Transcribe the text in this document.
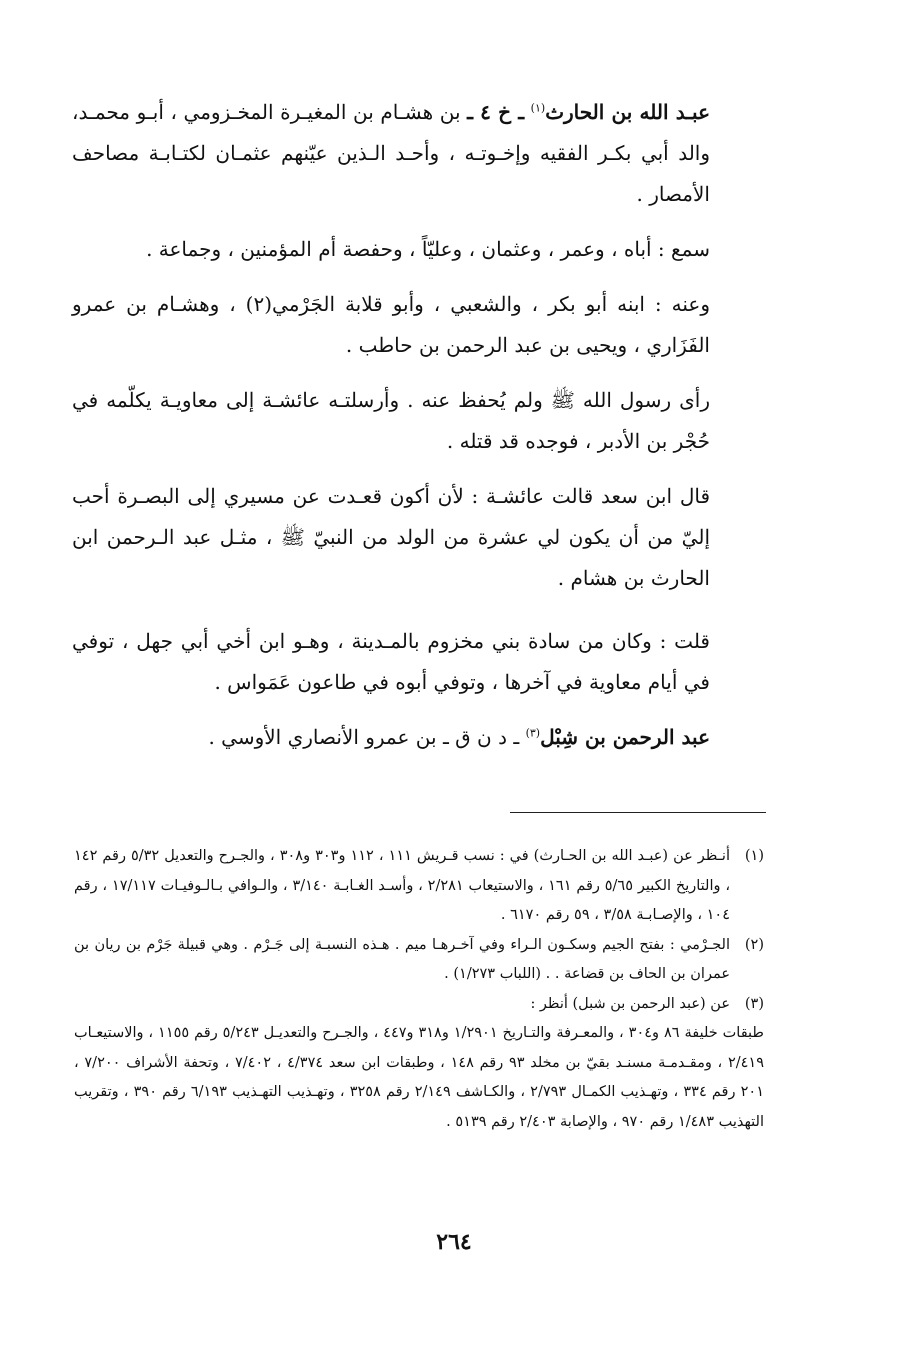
عبـد الله بن الحارث$^{(١)}$ ـ خ ٤ ـ بن هشـام بن المغيـرة المخـزومي ، أبـو محمـد، والد أبي بكـر الفقيه وإخـوتـه ، وأحـد الـذين عيّنهم عثمـان لكتـابـة مصاحف الأمصار .

سمع : أباه ، وعمر ، وعثمان ، وعليّاً ، وحفصة أم المؤمنين ، وجماعة .

وعنه : ابنه أبو بكر ، والشعبي ، وأبو قلابة الجَرْمي(٢) ، وهشـام بن عمرو الفَزَاري ، ويحيى بن عبد الرحمن بن حاطب .

رأى رسول الله ﷺ ولم يُحفظ عنه . وأرسلتـه عائشـة إلى معاويـة يكلّمه في حُجْر بن الأدبر ، فوجده قد قتله .

قال ابن سعد قالت عائشـة : لأن أكون قعـدت عن مسيري إلى البصـرة أحب إليّ من أن يكون لي عشرة من الولد من النبيّ ﷺ ، مثـل عبد الـرحمن ابن الحارث بن هشام .

قلت : وكان من سادة بني مخزوم بالمـدينة ، وهـو ابن أخي أبي جهل ، توفي في أيام معاوية في آخرها ، وتوفي أبوه في طاعون عَمَواس .

عبد الرحمن بن شِبْل$^{(٣)}$ ـ د ن ق ـ بن عمرو الأنصاري الأوسي .

(١)
أنـظر عن (عبـد الله بن الحـارث) في : نسب قـريش ١١١ ، ١١٢ و٣٠٣ و٣٠٨ ، والجـرح والتعديل ٥/٣٢ رقم ١٤٢ ، والتاريخ الكبير ٥/٦٥ رقم ١٦١ ، والاستيعاب ٢/٢٨١ ، وأسـد الغـابـة ٣/١٤٠ ، والـوافي بـالـوفيـات ١٧/١١٧ ، رقم ١٠٤ ، والإصـابـة ٣/٥٨ ، ٥٩ رقم ٦١٧٠ .
(٢)
الجـرْمي : بفتح الجيم وسكـون الـراء وفي آخـرهـا ميم . هـذه النسبـة إلى جَـرْم . وهي قبيلة جَرْم بن ريان بن عمران بن الحاف بن قضاعة . . (اللباب ١/٢٧٣) .
(٣)
عن (عبد الرحمن بن شبل) أنظر :

طبقات خليفة ٨٦ و٣٠٤ ، والمعـرفة والتـاريخ ١/٢٩٠١ و٣١٨ و٤٤٧ ، والجـرح والتعديـل ٥/٢٤٣ رقم ١١٥٥ ، والاستيعـاب ٢/٤١٩ ، ومقـدمـة مسنـد بقيّ بن مخلد ٩٣ رقم ١٤٨ ، وطبقات ابن سعد ٤/٣٧٤ ، ٧/٤٠٢ ، وتحفة الأشراف ٧/٢٠٠ ، ٢٠١ رقم ٣٣٤ ، وتهـذيب الكمـال ٢/٧٩٣ ، والكـاشف ٢/١٤٩ رقم ٣٢٥٨ ، وتهـذيب التهـذيب ٦/١٩٣ رقم ٣٩٠ ، وتقريب التهذيب ١/٤٨٣ رقم ٩٧٠ ، والإصابة ٢/٤٠٣ رقم ٥١٣٩ .

٢٦٤
